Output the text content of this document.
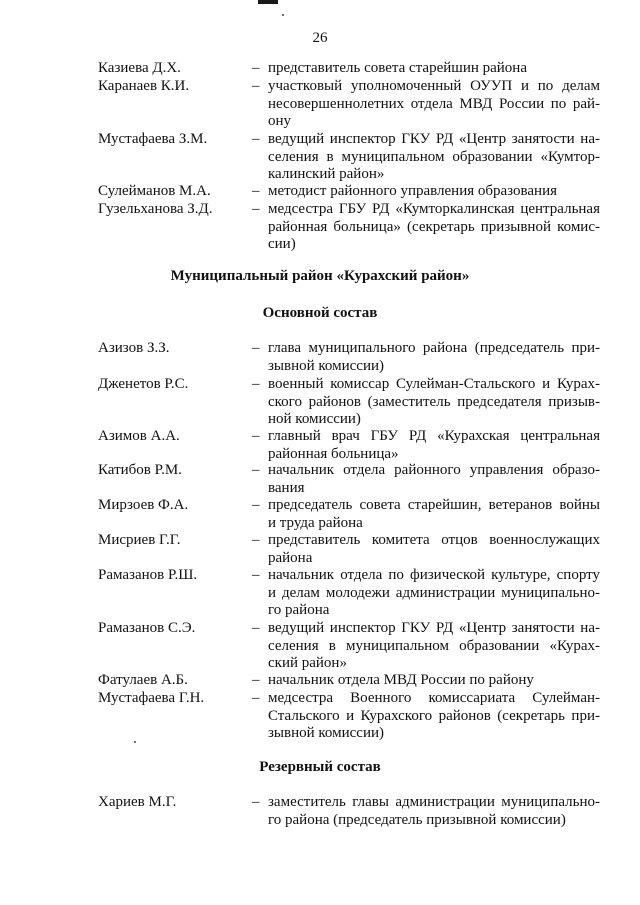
26
Казиева Д.Х.	– представитель совета старейшин района
Каранаев К.И.	– участковый уполномоченный ОУУП и по делам
несовершеннолетних отдела МВД России по рай-
ону
Мустафаева З.М.	– ведущий инспектор ГКУ РД «Центр занятости на-
селения в муниципальном образовании «Кумтор-
калинский район»
Сулейманов М.А.	– методист районного управления образования
Гузельханова З.Д.	– медсестра ГБУ РД «Кумторкалинская центральная
районная больница» (секретарь призывной комис-
сии)
Муниципальный район «Курахский район»
Основной состав
Азизов З.З.	– глава муниципального района (председатель при-
зывной комиссии)
Дженетов Р.С.	– военный комиссар Сулейман-Стальского и Курах-
ского районов (заместитель председателя призыв-
ной комиссии)
Азимов А.А.	– главный врач ГБУ РД «Курахская центральная
районная больница»
Катибов Р.М.	– начальник отдела районного управления образо-
вания
Мирзоев Ф.А.	– председатель совета старейшин, ветеранов войны
и труда района
Мисриев Г.Г.	– представитель комитета отцов военнослужащих
района
Рамазанов Р.Ш.	– начальник отдела по физической культуре, спорту
и делам молодежи администрации муниципально-
го района
Рамазанов С.Э.	– ведущий инспектор ГКУ РД «Центр занятости на-
селения в муниципальном образовании «Курах-
ский район»
Фатулаев А.Б.	– начальник отдела МВД России по району
Мустафаева Г.Н.	– медсестра Военного комиссариата Сулейман-
Стальского и Курахского районов (секретарь при-
зывной комиссии)
Резервный состав
Хариев М.Г.	– заместитель главы администрации муниципально-
го района (председатель призывной комиссии)
